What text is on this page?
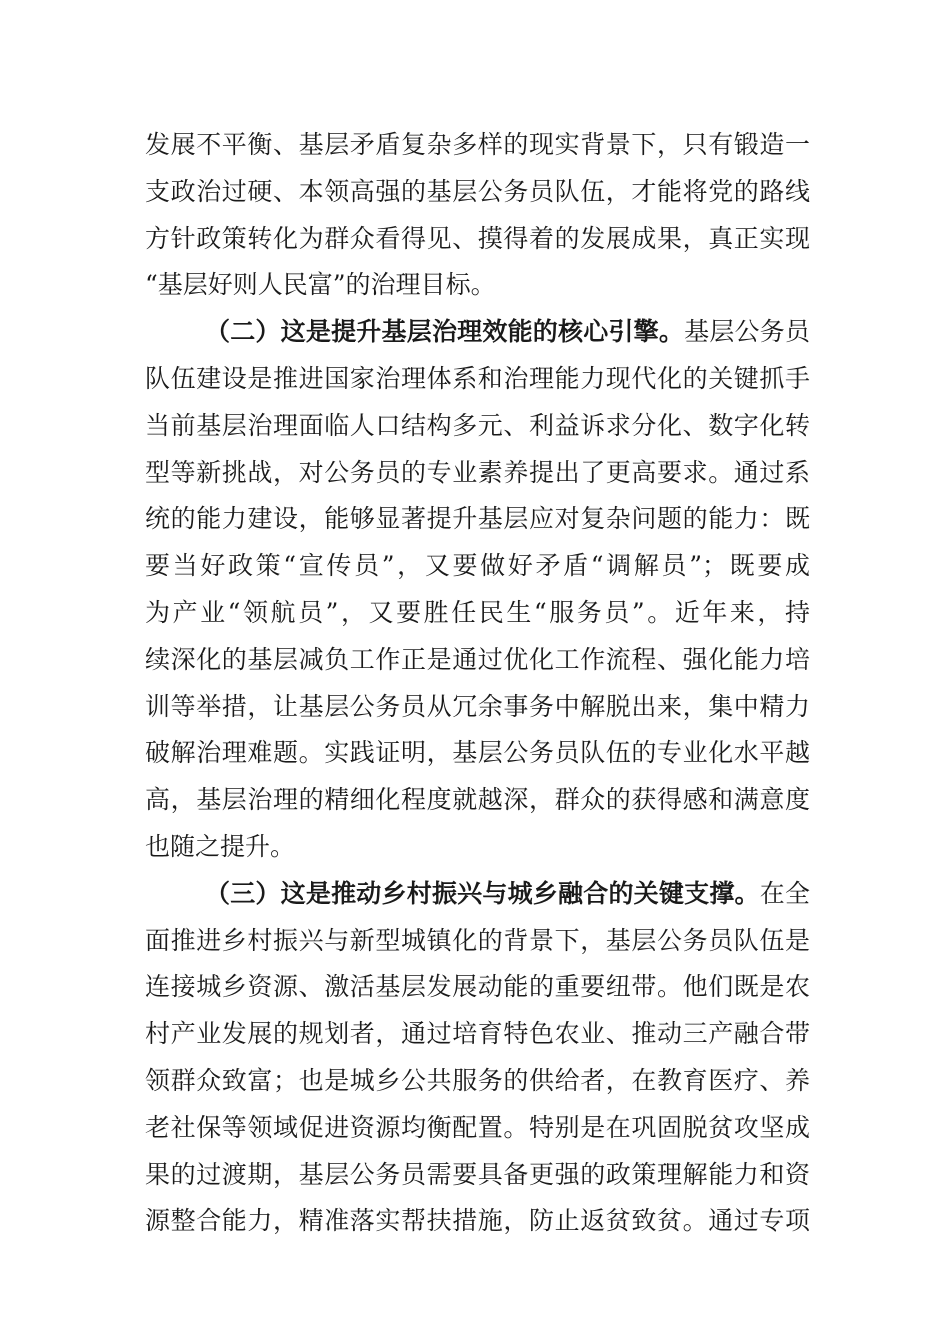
发展不平衡、基层矛盾复杂多样的现实背景下，只有锻造一
支政治过硬、本领高强的基层公务员队伍，才能将党的路线
方针政策转化为群众看得见、摸得着的发展成果，真正实现
“基层好则人民富”的治理目标。
（二）这是提升基层治理效能的核心引擎。基层公务员
队伍建设是推进国家治理体系和治理能力现代化的关键抓手
当前基层治理面临人口结构多元、利益诉求分化、数字化转
型等新挑战，对公务员的专业素养提出了更高要求。通过系
统的能力建设，能够显著提升基层应对复杂问题的能力：既
要当好政策“宣传员”，又要做好矛盾“调解员”；既要成
为产业“领航员”，又要胜任民生“服务员”。近年来，持
续深化的基层减负工作正是通过优化工作流程、强化能力培
训等举措，让基层公务员从冗余事务中解脱出来，集中精力
破解治理难题。实践证明，基层公务员队伍的专业化水平越
高，基层治理的精细化程度就越深，群众的获得感和满意度
也随之提升。
（三）这是推动乡村振兴与城乡融合的关键支撑。在全
面推进乡村振兴与新型城镇化的背景下，基层公务员队伍是
连接城乡资源、激活基层发展动能的重要纽带。他们既是农
村产业发展的规划者，通过培育特色农业、推动三产融合带
领群众致富；也是城乡公共服务的供给者，在教育医疗、养
老社保等领域促进资源均衡配置。特别是在巩固脱贫攻坚成
果的过渡期，基层公务员需要具备更强的政策理解能力和资
源整合能力，精准落实帮扶措施，防止返贫致贫。通过专项
